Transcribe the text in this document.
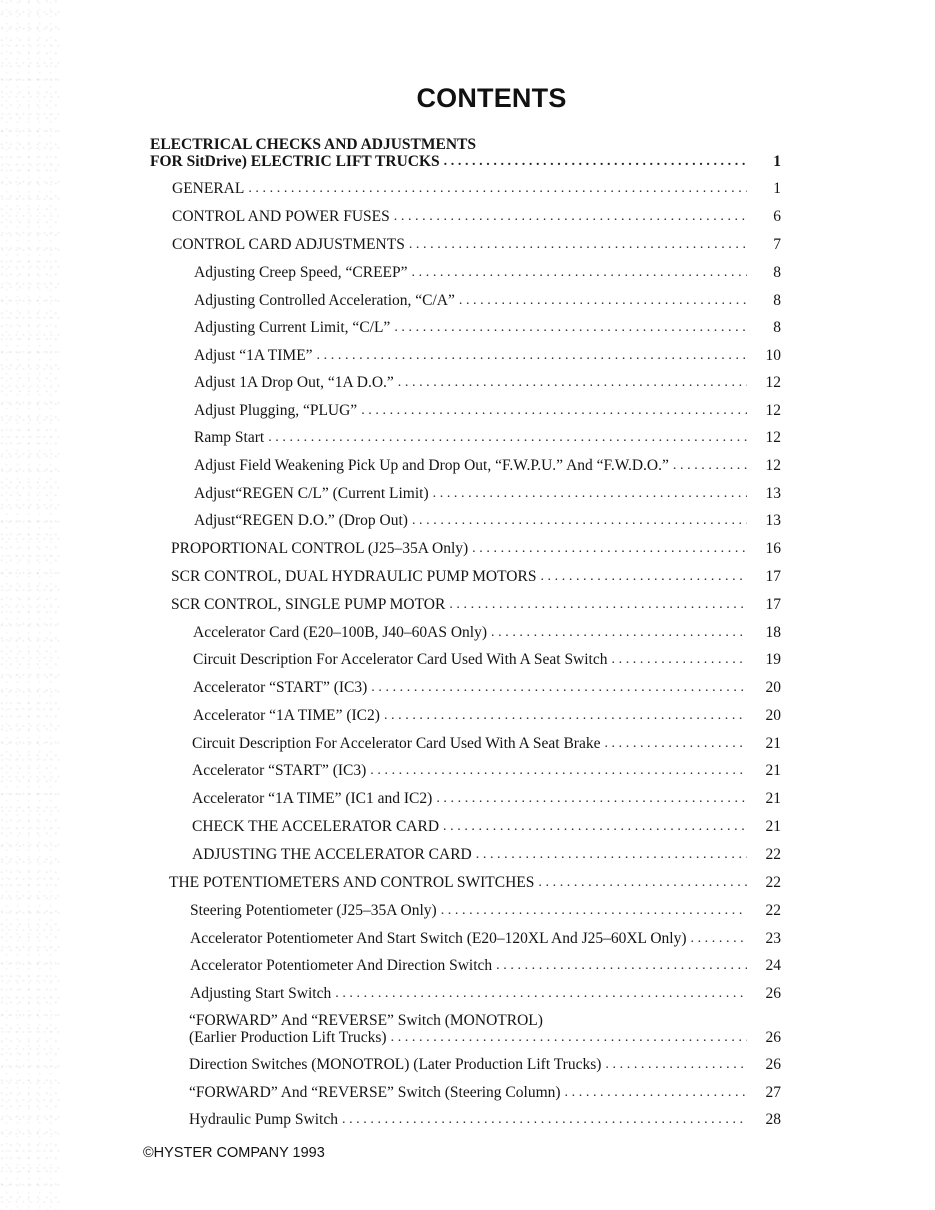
CONTENTS
ELECTRICAL CHECKS AND ADJUSTMENTS
FOR SitDrive) ELECTRIC LIFT TRUCKS .....	1
GENERAL .....	1
CONTROL AND POWER FUSES .....	6
CONTROL CARD ADJUSTMENTS .....	7
Adjusting Creep Speed, “CREEP” .....	8
Adjusting Controlled Acceleration, “C/A” .....	8
Adjusting Current Limit, “C/L” .....	8
Adjust “1A TIME” .....	10
Adjust 1A Drop Out, “1A D.O.” .....	12
Adjust Plugging, “PLUG” .....	12
Ramp Start .....	12
Adjust Field Weakening Pick Up and Drop Out, “F.W.P.U.” And “F.W.D.O.” .....	12
Adjust“REGEN C/L” (Current Limit) .....	13
Adjust“REGEN D.O.” (Drop Out) .....	13
PROPORTIONAL CONTROL (J25–35A Only) .....	16
SCR CONTROL, DUAL HYDRAULIC PUMP MOTORS .....	17
SCR CONTROL, SINGLE PUMP MOTOR .....	17
Accelerator Card (E20–100B, J40–60AS Only) .....	18
Circuit Description For Accelerator Card Used With A Seat Switch .....	19
Accelerator “START” (IC3) .....	20
Accelerator “1A TIME” (IC2) .....	20
Circuit Description For Accelerator Card Used With A Seat Brake .....	21
Accelerator “START” (IC3) .....	21
Accelerator “1A TIME” (IC1 and IC2) .....	21
CHECK THE ACCELERATOR CARD .....	21
ADJUSTING THE ACCELERATOR CARD .....	22
THE POTENTIOMETERS AND CONTROL SWITCHES .....	22
Steering Potentiometer (J25–35A Only) .....	22
Accelerator Potentiometer And Start Switch (E20–120XL And J25–60XL Only) .....	23
Accelerator Potentiometer And Direction Switch .....	24
Adjusting Start Switch .....	26
“FORWARD” And “REVERSE” Switch (MONOTROL)
(Earlier Production Lift Trucks) .....	26
Direction Switches (MONOTROL) (Later Production Lift Trucks) .....	26
“FORWARD” And “REVERSE” Switch (Steering Column) .....	27
Hydraulic Pump Switch .....	28
©HYSTER COMPANY 1993
